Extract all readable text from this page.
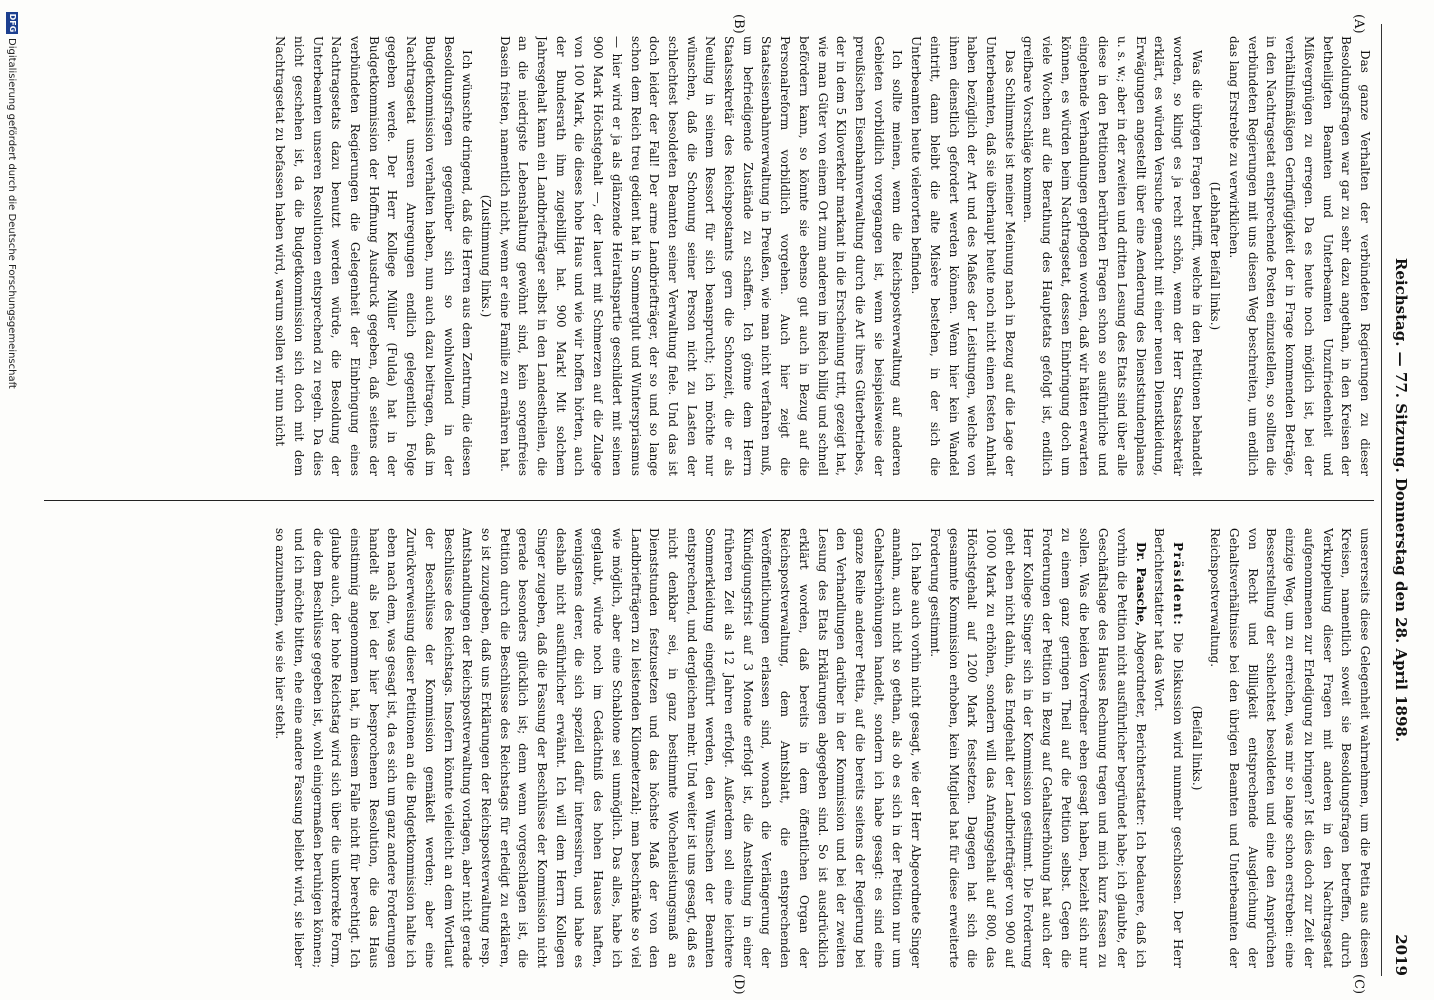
Reichstag. — 77. Sitzung. Donnerstag den 28. April 1898.
2019
(A)
(B)
(C)
(D)

Das ganze Verhalten der verbündeten Regierungen zu dieser Besoldungsfragen war gar zu sehr dazu angethan, in den Kreisen der betheiligten Beamten und Unterbeamten Unzufriedenheit und Mißvergnügen zu erregen. Da es heute noch möglich ist, bei der verhältnißmäßigen Geringfügigkeit der in Frage kommenden Beträge, in den Nachtragsetat entsprechende Posten einzustellen, so sollten die verbündeten Regierungen mit uns diesen Weg beschreiten, um endlich das lang Erstrebte zu verwirklichen.

(Lebhafter Beifall links.)

Was die übrigen Fragen betrifft, welche in den Petitionen behandelt worden, so klingt es ja recht schön, wenn der Herr Staatssekretär erklärt, es würden Versuche gemacht mit einer neuen Dienstkleidung, Erwägungen angestellt über eine Aenderung des Dienststundenplanes u. s. w.; aber in der zweiten und dritten Lesung des Etats sind über alle diese in den Petitionen berührten Fragen schon so ausführliche und eingehende Verhandlungen gepflogen worden, daß wir hätten erwarten können, es würden beim Nachtragsetat, dessen Einbringung doch um viele Wochen auf die Berathung des Hauptetats gefolgt ist, endlich greifbare Vorschläge kommen.

Das Schlimmste ist meiner Meinung nach in Bezug auf die Lage der Unterbeamten, daß sie überhaupt heute noch nicht einen festen Anhalt haben bezüglich der Art und des Maßes der Leistungen, welche von ihnen dienstlich gefordert werden können. Wenn hier kein Wandel eintritt, dann bleibt die alte Misère bestehen, in der sich die Unterbeamten heute vielerorten befinden.

Ich sollte meinen, wenn die Reichspostverwaltung auf anderen Gebieten vorbildlich vorgegangen ist, wenn sie beispielsweise der preußischen Eisenbahnverwaltung durch die Art ihres Güterbetriebes, der in dem 5 Kiloverkehr markant in die Erscheinung tritt, gezeigt hat, wie man Güter von einem Ort zum anderen im Reich billig und schnell befördern kann, so könnte sie ebenso gut auch in Bezug auf die Personalreform vorbildlich vorgehen. Auch hier zeigt die Staatseisenbahnverwaltung in Preußen, wie man nicht verfahren muß, um befriedigende Zustände zu schaffen. Ich gönne dem Herrn Staatssekretär des Reichspostamts gern die Schonzeit, die er als Neuling in seinem Ressort für sich beansprucht; ich möchte nur wünschen, daß die Schonung seiner Person nicht zu Lasten der schlechtest besoldeten Beamten seiner Verwaltung fiele. Und das ist doch leider der Fall! Der arme Landbriefträger, der so und so lange schon dem Reich treu gedient hat in Sommerglut und Winterspriasmus — hier wird er ja als glänzende Heirathspartie geschildert mit seinen 900 Mark Höchstgehalt —, der lauert mit Schmerzen auf die Zulage von 100 Mark, die dieses hohe Haus und wie wir hoffen hörten, auch der Bundesrath ihm zugebilligt hat. 900 Mark! Mit solchem Jahresgehalt kann ein Landbriefträger selbst in den Landestheilen, die an die niedrigste Lebenshaltung gewöhnt sind, kein sorgenfreies Dasein fristen, namentlich nicht, wenn er eine Familie zu ernähren hat.

(Zustimmung links.)

Ich wünschte dringend, daß die Herren aus dem Zentrum, die diesen Besoldungsfragen gegenüber sich so wohlwollend in der Budgetkommission verhalten haben, nun auch dazu beitragen, daß im Nachtragsetat unseren Anregungen endlich gelegentlich Folge gegeben werde. Der Herr Kollege Müller (Fulda) hat in der Budgetkommission der Hoffnung Ausdruck gegeben, daß seitens der verbündeten Regierungen die Gelegenheit der Einbringung eines Nachtragsetats dazu benutzt werden würde, die Besoldung der Unterbeamten unseren Resolutionen entsprechend zu regeln. Da dies nicht geschehen ist, da die Budgetkommission sich doch mit dem Nachtragsetat zu befassen haben wird, warum sollen wir nun nicht

unsererseits diese Gelegenheit wahrnehmen, um die Petita aus diesen Kreisen, namentlich soweit sie Besoldungsfragen betreffen, durch Verkuppelung dieser Fragen mit anderen in den Nachtragsetat aufgenommenen zur Erledigung zu bringen? Ist dies doch zur Zeit der einzige Weg, um zu erreichen, was mir so lange schon erstreben: eine Besserstellung der schlechtest besoldeten und eine den Ansprüchen von Recht und Billigkeit entsprechende Ausgleichung der Gehaltsverhältnisse bei den übrigen Beamten und Unterbeamten der Reichspostverwaltung.

(Beifall links.)

Präsident: Die Diskussion wird nunmehr geschlossen. Der Herr Berichterstatter hat das Wort.

Dr. Paasche, Abgeordneter, Berichterstatter: Ich bedauere, daß ich vorhin die Petition nicht ausführlicher begründet habe; ich glaubte, der Geschäftslage des Hauses Rechnung tragen und mich kurz fassen zu sollen. Was die beiden Vorredner eben gesagt haben, bezieht sich nur zu einem ganz geringen Theil auf die Petition selbst. Gegen die Forderungen der Petition in Bezug auf Gehaltserhöhung hat auch der Herr Kollege Singer sich in der Kommission gestimmt. Die Forderung geht eben nicht dahin, das Endgehalt der Landbriefträger von 900 auf 1000 Mark zu erhöhen, sondern will das Anfangsgehalt auf 800, das Höchstgehalt auf 1200 Mark festsetzen. Dagegen hat sich die gesammte Kommission erhoben, kein Mitglied hat für diese erweiterte Forderung gestimmt.

Ich habe auch vorhin nicht gesagt, wie der Herr Abgeordnete Singer annahm, auch nicht so gethan, als ob es sich in der Petition nur um Gehaltserhöhungen handelt, sondern ich habe gesagt: es sind eine ganze Reihe anderer Petita, auf die bereits seitens der Regierung bei den Verhandlungen darüber in der Kommission und bei der zweiten Lesung des Etats Erklärungen abgegeben sind. So ist ausdrücklich erklärt worden, daß bereits in dem öffentlichen Organ der Reichspostverwaltung, dem Amtsblatt, die entsprechenden Veröffentlichungen erlassen sind, wonach die Verlängerung der Kündigungsfrist auf 3 Monate erfolgt ist, die Anstellung in einer früheren Zeit als 12 Jahren erfolgt. Außerdem soll eine leichtere Sommerkleidung eingeführt werden, den Wünschen der Beamten entsprechend, und dergleichen mehr. Und weiter ist uns gesagt, daß es nicht denkbar sei, in ganz bestimmte Wochenleistungsmaß an Dienststunden festzusetzen und das höchste Maß der von den Landbriefträgern zu leistenden Kilometerzahl; man beschränke so viel wie möglich, aber eine Schablone sei unmöglich. Das alles, habe ich geglaubt, würde noch im Gedächtniß des hohen Hauses haften, wenigstens derer, die sich speziell dafür interessiren, und habe es deshalb nicht ausführlicher erwähnt. Ich will dem Herrn Kollegen Singer zugeben, daß die Fassung der Beschlüsse der Kommission nicht gerade besonders glücklich ist; denn wenn vorgeschlagen ist, die Petition durch die Beschlüsse des Reichstags für erledigt zu erklären, so ist zuzugeben, daß uns Erklärungen der Reichspostverwaltung resp. Amtshandlungen der Reichspostverwaltung vorlagen, aber nicht gerade Beschlüsse des Reichstags. Insofern könnte vielleicht an dem Wortlaut der Beschlüsse der Kommission gemäkelt werden; aber eine Zurückverweisung dieser Petitionen an die Budgetkommission halte ich eben nach dem, was gesagt ist, da es sich um ganz andere Forderungen handelt als bei der hier besprochenen Resolution, die das Haus einstimmig angenommen hat, in diesem Falle nicht für berechtigt. Ich glaube auch, der hohe Reichstag wird sich über die unkorrekte Form, die dem Beschlüsse gegeben ist, wohl einigermaßen beruhigen können; und ich möchte bitten, ehe eine andere Fassung beliebt wird, sie lieber so anzunehmen, wie sie hier steht.

DFG
Digitalisierung gefördert durch die Deutsche Forschungsgemeinschaft
